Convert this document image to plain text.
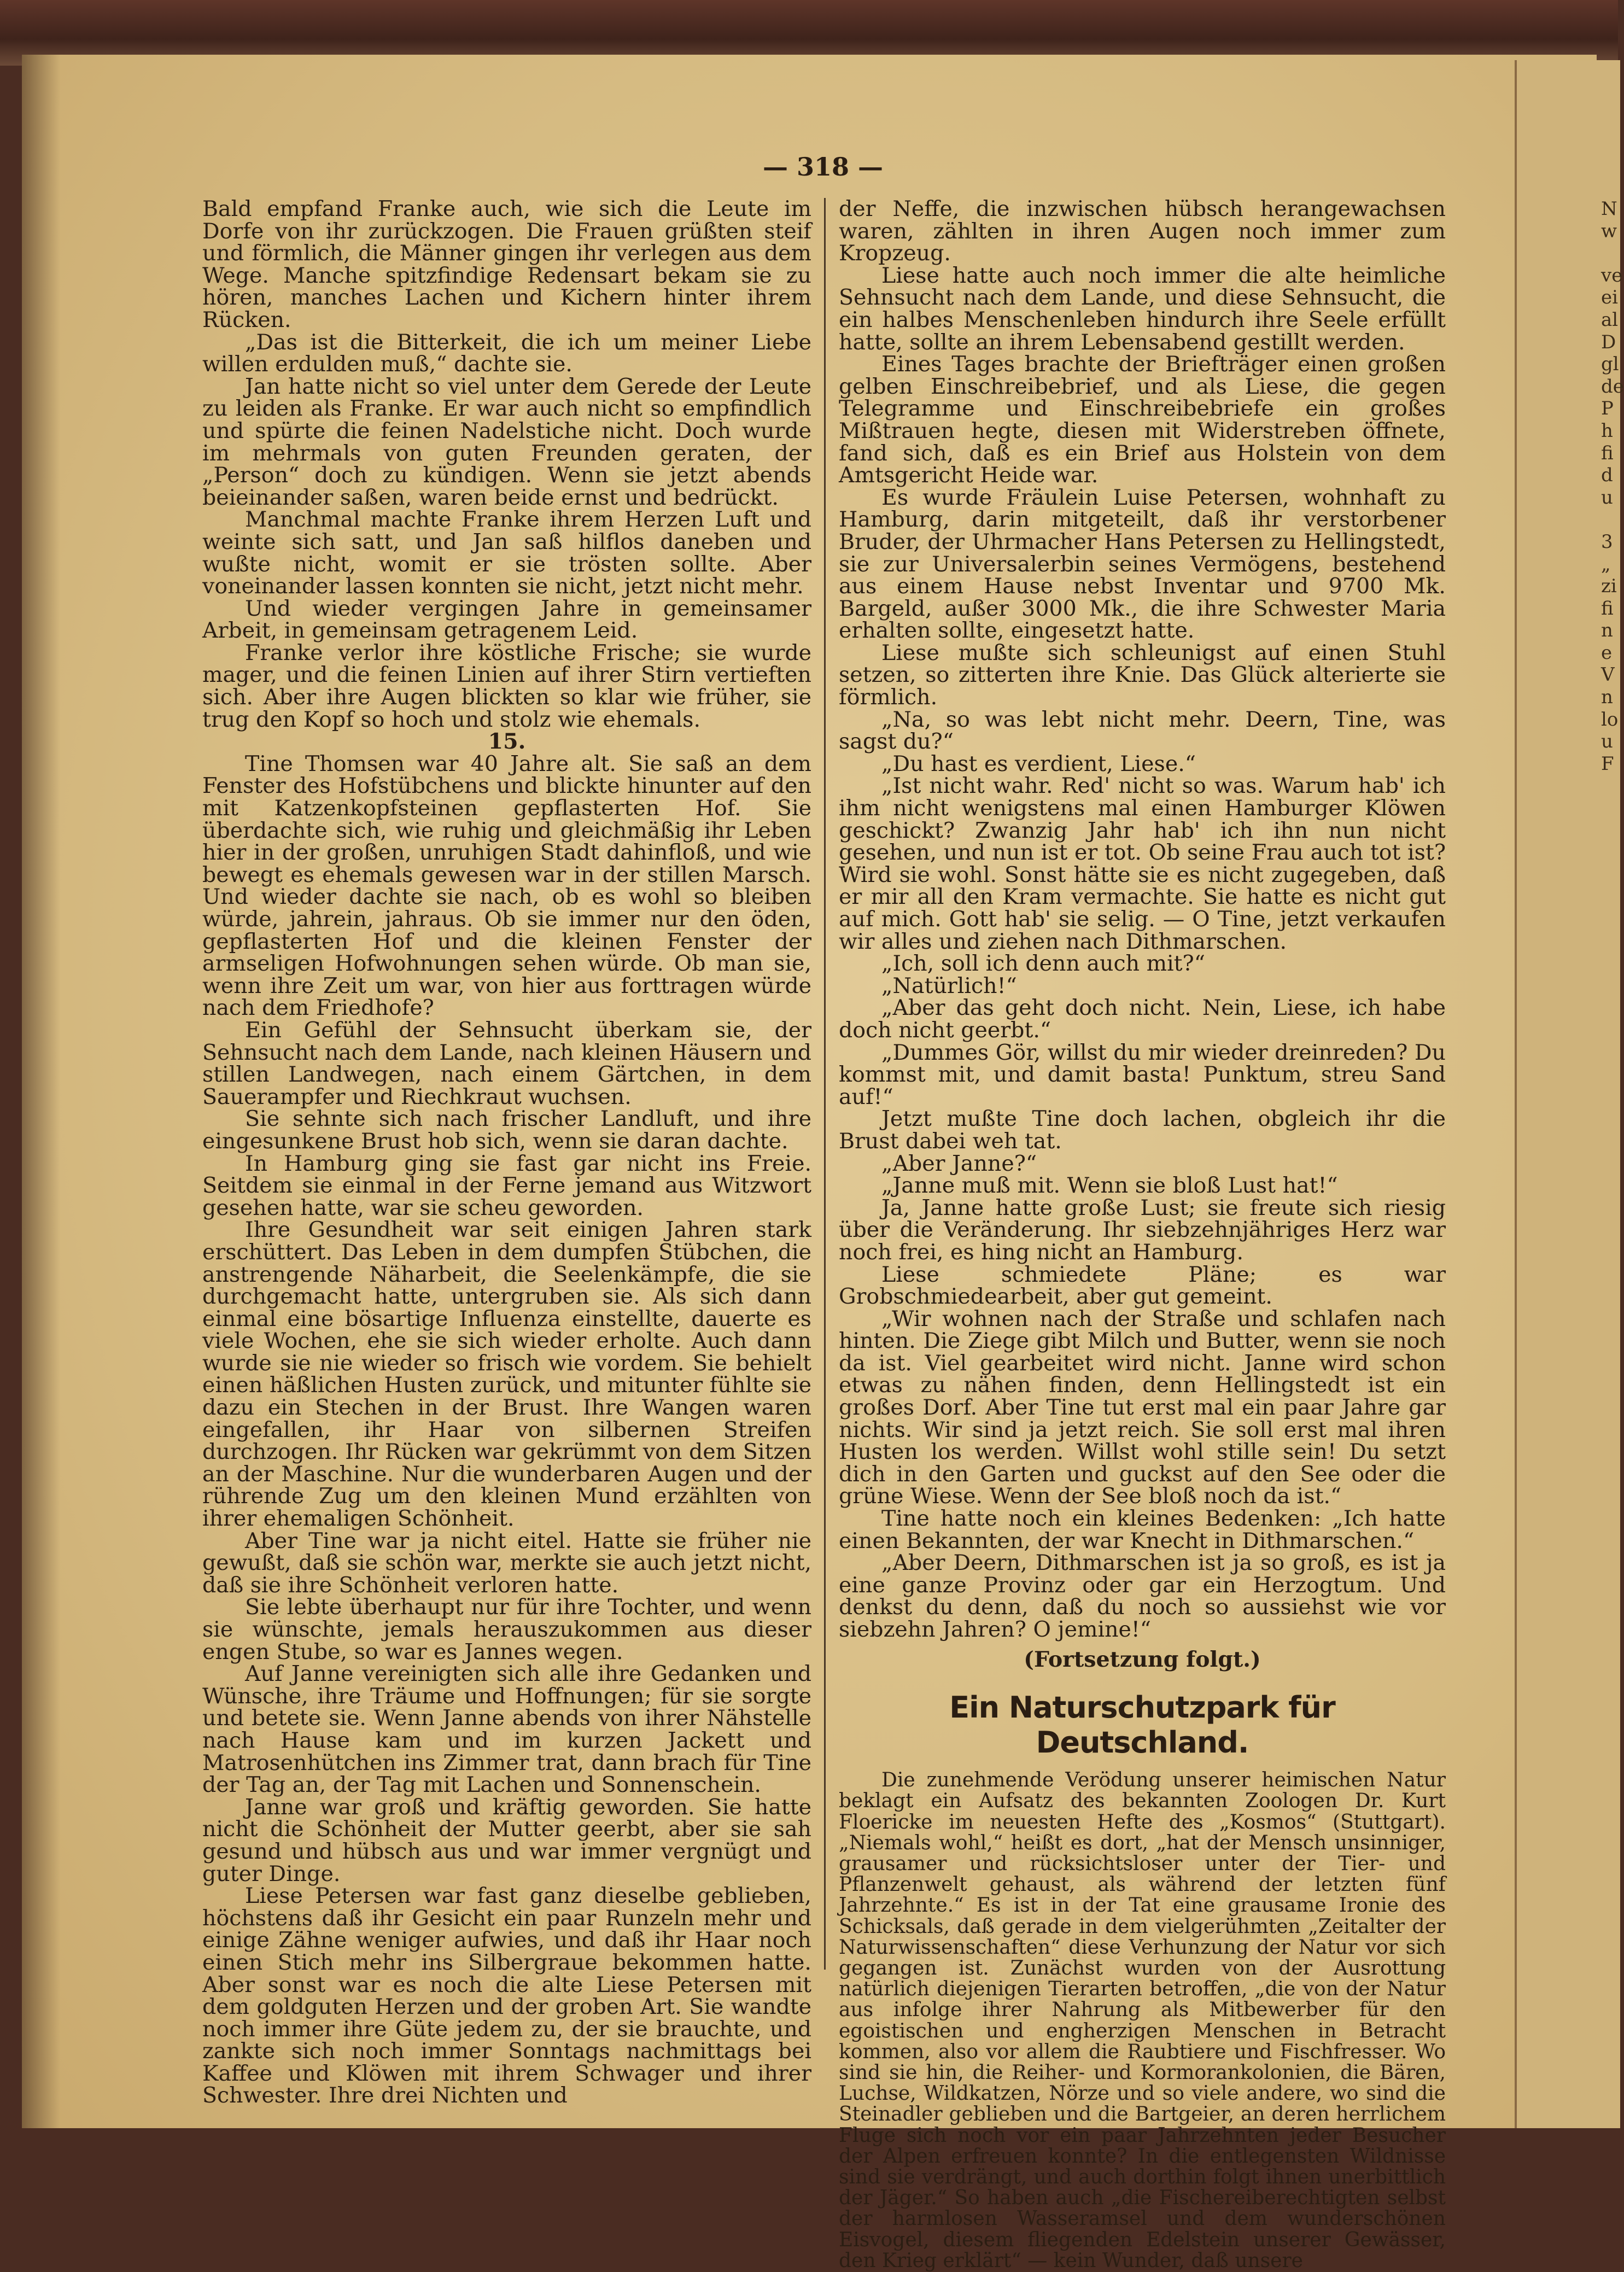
— 318 —

Bald empfand Franke auch, wie sich die Leute im Dorfe von ihr zurückzogen. Die Frauen grüßten steif und förmlich, die Männer gingen ihr verlegen aus dem Wege. Manche spitzfindige Redensart bekam sie zu hören, manches Lachen und Kichern hinter ihrem Rücken.

„Das ist die Bitterkeit, die ich um meiner Liebe willen erdulden muß,“ dachte sie.

Jan hatte nicht so viel unter dem Gerede der Leute zu leiden als Franke. Er war auch nicht so empfindlich und spürte die feinen Nadelstiche nicht. Doch wurde im mehrmals von guten Freunden geraten, der „Person“ doch zu kündigen. Wenn sie jetzt abends beieinander saßen, waren beide ernst und bedrückt.

Manchmal machte Franke ihrem Herzen Luft und weinte sich satt, und Jan saß hilflos daneben und wußte nicht, womit er sie trösten sollte. Aber voneinander lassen konnten sie nicht, jetzt nicht mehr.

Und wieder vergingen Jahre in gemeinsamer Arbeit, in gemeinsam getragenem Leid.

Franke verlor ihre köstliche Frische; sie wurde mager, und die feinen Linien auf ihrer Stirn vertieften sich. Aber ihre Augen blickten so klar wie früher, sie trug den Kopf so hoch und stolz wie ehemals.

15.

Tine Thomsen war 40 Jahre alt. Sie saß an dem Fenster des Hofstübchens und blickte hinunter auf den mit Katzenkopfsteinen gepflasterten Hof. Sie überdachte sich, wie ruhig und gleichmäßig ihr Leben hier in der großen, unruhigen Stadt dahinfloß, und wie bewegt es ehemals gewesen war in der stillen Marsch. Und wieder dachte sie nach, ob es wohl so bleiben würde, jahrein, jahraus. Ob sie immer nur den öden, gepflasterten Hof und die kleinen Fenster der armseligen Hofwohnungen sehen würde. Ob man sie, wenn ihre Zeit um war, von hier aus forttragen würde nach dem Friedhofe?

Ein Gefühl der Sehnsucht überkam sie, der Sehnsucht nach dem Lande, nach kleinen Häusern und stillen Landwegen, nach einem Gärtchen, in dem Sauerampfer und Riechkraut wuchsen.

Sie sehnte sich nach frischer Landluft, und ihre eingesunkene Brust hob sich, wenn sie daran dachte.

In Hamburg ging sie fast gar nicht ins Freie. Seitdem sie einmal in der Ferne jemand aus Witzwort gesehen hatte, war sie scheu geworden.

Ihre Gesundheit war seit einigen Jahren stark erschüttert. Das Leben in dem dumpfen Stübchen, die anstrengende Näharbeit, die Seelenkämpfe, die sie durchgemacht hatte, untergruben sie. Als sich dann einmal eine bösartige Influenza einstellte, dauerte es viele Wochen, ehe sie sich wieder erholte. Auch dann wurde sie nie wieder so frisch wie vordem. Sie behielt einen häßlichen Husten zurück, und mitunter fühlte sie dazu ein Stechen in der Brust. Ihre Wangen waren eingefallen, ihr Haar von silbernen Streifen durchzogen. Ihr Rücken war gekrümmt von dem Sitzen an der Maschine. Nur die wunderbaren Augen und der rührende Zug um den kleinen Mund erzählten von ihrer ehemaligen Schönheit.

Aber Tine war ja nicht eitel. Hatte sie früher nie gewußt, daß sie schön war, merkte sie auch jetzt nicht, daß sie ihre Schönheit verloren hatte.

Sie lebte überhaupt nur für ihre Tochter, und wenn sie wünschte, jemals herauszukommen aus dieser engen Stube, so war es Jannes wegen.

Auf Janne vereinigten sich alle ihre Gedanken und Wünsche, ihre Träume und Hoffnungen; für sie sorgte und betete sie. Wenn Janne abends von ihrer Nähstelle nach Hause kam und im kurzen Jackett und Matrosenhütchen ins Zimmer trat, dann brach für Tine der Tag an, der Tag mit Lachen und Sonnenschein.

Janne war groß und kräftig geworden. Sie hatte nicht die Schönheit der Mutter geerbt, aber sie sah gesund und hübsch aus und war immer vergnügt und guter Dinge.

Liese Petersen war fast ganz dieselbe geblieben, höchstens daß ihr Gesicht ein paar Runzeln mehr und einige Zähne weniger aufwies, und daß ihr Haar noch einen Stich mehr ins Silbergraue bekommen hatte. Aber sonst war es noch die alte Liese Petersen mit dem goldguten Herzen und der groben Art. Sie wandte noch immer ihre Güte jedem zu, der sie brauchte, und zankte sich noch immer Sonntags nachmittags bei Kaffee und Klöwen mit ihrem Schwager und ihrer Schwester. Ihre drei Nichten und

der Neffe, die inzwischen hübsch herangewachsen waren, zählten in ihren Augen noch immer zum Kropzeug.

Liese hatte auch noch immer die alte heimliche Sehnsucht nach dem Lande, und diese Sehnsucht, die ein halbes Menschenleben hindurch ihre Seele erfüllt hatte, sollte an ihrem Lebensabend gestillt werden.

Eines Tages brachte der Briefträger einen großen gelben Einschreibebrief, und als Liese, die gegen Telegramme und Einschreibebriefe ein großes Mißtrauen hegte, diesen mit Widerstreben öffnete, fand sich, daß es ein Brief aus Holstein von dem Amtsgericht Heide war.

Es wurde Fräulein Luise Petersen, wohnhaft zu Hamburg, darin mitgeteilt, daß ihr verstorbener Bruder, der Uhrmacher Hans Petersen zu Hellingstedt, sie zur Universalerbin seines Vermögens, bestehend aus einem Hause nebst Inventar und 9700 Mk. Bargeld, außer 3000 Mk., die ihre Schwester Maria erhalten sollte, eingesetzt hatte.

Liese mußte sich schleunigst auf einen Stuhl setzen, so zitterten ihre Knie. Das Glück alterierte sie förmlich.

„Na, so was lebt nicht mehr. Deern, Tine, was sagst du?“

„Du hast es verdient, Liese.“

„Ist nicht wahr. Red' nicht so was. Warum hab' ich ihm nicht wenigstens mal einen Hamburger Klöwen geschickt? Zwanzig Jahr hab' ich ihn nun nicht gesehen, und nun ist er tot. Ob seine Frau auch tot ist? Wird sie wohl. Sonst hätte sie es nicht zugegeben, daß er mir all den Kram vermachte. Sie hatte es nicht gut auf mich. Gott hab' sie selig. — O Tine, jetzt verkaufen wir alles und ziehen nach Dithmarschen.

„Ich, soll ich denn auch mit?“

„Natürlich!“

„Aber das geht doch nicht. Nein, Liese, ich habe doch nicht geerbt.“

„Dummes Gör, willst du mir wieder dreinreden? Du kommst mit, und damit basta! Punktum, streu Sand auf!“

Jetzt mußte Tine doch lachen, obgleich ihr die Brust dabei weh tat.

„Aber Janne?“

„Janne muß mit. Wenn sie bloß Lust hat!“

Ja, Janne hatte große Lust; sie freute sich riesig über die Veränderung. Ihr siebzehnjähriges Herz war noch frei, es hing nicht an Hamburg.

Liese schmiedete Pläne; es war Grobschmiedearbeit, aber gut gemeint.

„Wir wohnen nach der Straße und schlafen nach hinten. Die Ziege gibt Milch und Butter, wenn sie noch da ist. Viel gearbeitet wird nicht. Janne wird schon etwas zu nähen finden, denn Hellingstedt ist ein großes Dorf. Aber Tine tut erst mal ein paar Jahre gar nichts. Wir sind ja jetzt reich. Sie soll erst mal ihren Husten los werden. Willst wohl stille sein! Du setzt dich in den Garten und guckst auf den See oder die grüne Wiese. Wenn der See bloß noch da ist.“

Tine hatte noch ein kleines Bedenken: „Ich hatte einen Bekannten, der war Knecht in Dithmarschen.“

„Aber Deern, Dithmarschen ist ja so groß, es ist ja eine ganze Provinz oder gar ein Herzogtum. Und denkst du denn, daß du noch so aussiehst wie vor siebzehn Jahren? O jemine!“

(Fortsetzung folgt.)

Ein Naturschutzpark für Deutschland.

Die zunehmende Verödung unserer heimischen Natur beklagt ein Aufsatz des bekannten Zoologen Dr. Kurt Floericke im neuesten Hefte des „Kosmos“ (Stuttgart). „Niemals wohl,“ heißt es dort, „hat der Mensch unsinniger, grausamer und rücksichtsloser unter der Tier- und Pflanzenwelt gehaust, als während der letzten fünf Jahrzehnte.“ Es ist in der Tat eine grausame Ironie des Schicksals, daß gerade in dem vielgerühmten „Zeitalter der Naturwissenschaften“ diese Verhunzung der Natur vor sich gegangen ist. Zunächst wurden von der Ausrottung natürlich diejenigen Tierarten betroffen, „die von der Natur aus infolge ihrer Nahrung als Mitbewerber für den egoistischen und engherzigen Menschen in Betracht kommen, also vor allem die Raubtiere und Fischfresser. Wo sind sie hin, die Reiher- und Kormorankolonien, die Bären, Luchse, Wildkatzen, Nörze und so viele andere, wo sind die Steinadler geblieben und die Bartgeier, an deren herrlichem Fluge sich noch vor ein paar Jahrzehnten jeder Besucher der Alpen erfreuen konnte? In die entlegensten Wildnisse sind sie verdrängt, und auch dorthin folgt ihnen unerbittlich der Jäger.“ So haben auch „die Fischereiberechtigten selbst der harmlosen Wasseramsel und dem wunderschönen Eisvogel, diesem fliegenden Edelstein unserer Gewässer, den Krieg erklärt“ — kein Wunder, daß unsere

N
w

ve
ei
al
D
gl
de
P
h
fi
d
u

3
„
zi
fi
n
e
V
n
lo
u
F
